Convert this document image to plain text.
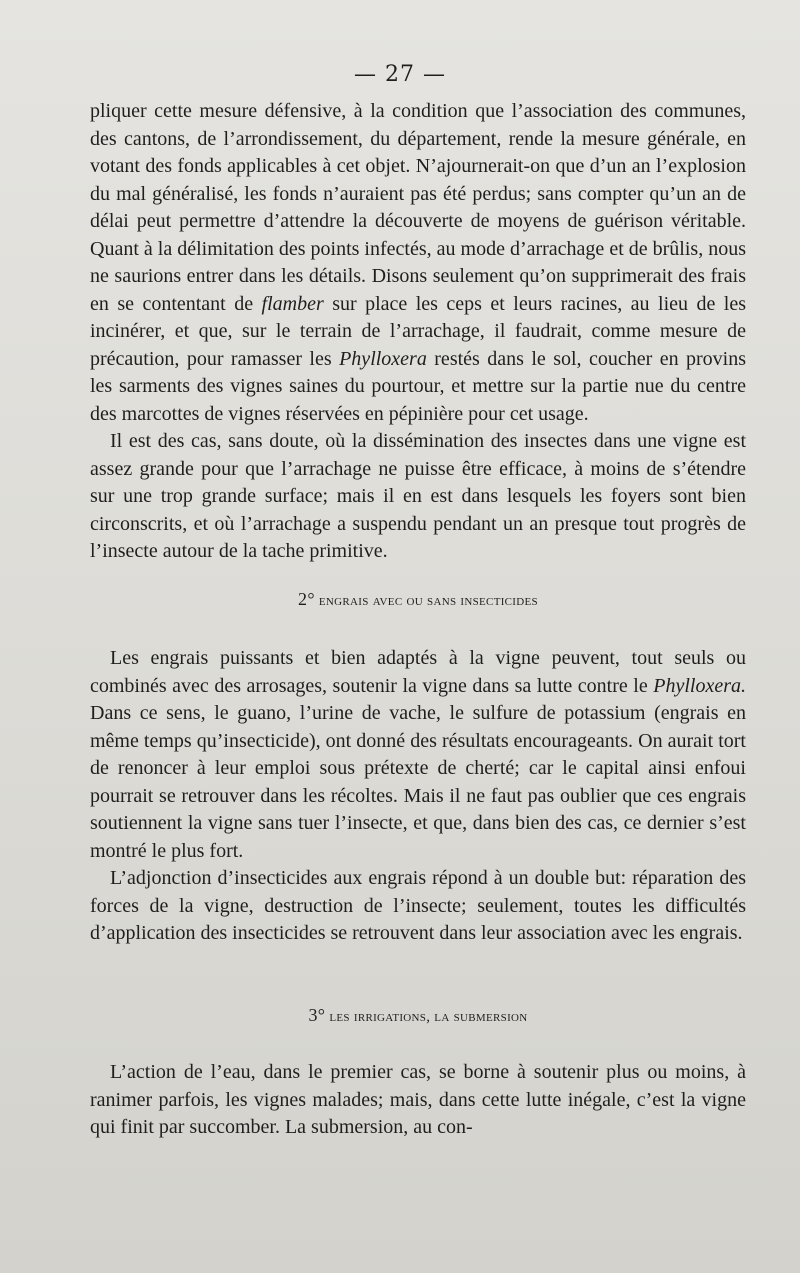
— 27 —

pliquer cette mesure défensive, à la condition que l’association des communes, des cantons, de l’arrondissement, du département, rende la mesure générale, en votant des fonds applicables à cet objet. N’ajournerait-on que d’un an l’explosion du mal généralisé, les fonds n’auraient pas été perdus; sans compter qu’un an de délai peut permettre d’attendre la découverte de moyens de guérison véritable. Quant à la délimitation des points infectés, au mode d’arrachage et de brûlis, nous ne saurions entrer dans les détails. Disons seulement qu’on supprimerait des frais en se contentant de flamber sur place les ceps et leurs racines, au lieu de les incinérer, et que, sur le terrain de l’arrachage, il faudrait, comme mesure de précaution, pour ramasser les Phylloxera restés dans le sol, coucher en provins les sarments des vignes saines du pourtour, et mettre sur la partie nue du centre des marcottes de vignes réservées en pépinière pour cet usage.

Il est des cas, sans doute, où la dissémination des insectes dans une vigne est assez grande pour que l’arrachage ne puisse être efficace, à moins de s’étendre sur une trop grande surface; mais il en est dans lesquels les foyers sont bien circonscrits, et où l’arrachage a suspendu pendant un an presque tout progrès de l’insecte autour de la tache primitive.

2° engrais avec ou sans insecticides

Les engrais puissants et bien adaptés à la vigne peuvent, tout seuls ou combinés avec des arrosages, soutenir la vigne dans sa lutte contre le Phylloxera. Dans ce sens, le guano, l’urine de vache, le sulfure de potassium (engrais en même temps qu’insecticide), ont donné des résultats encourageants. On aurait tort de renoncer à leur emploi sous prétexte de cherté; car le capital ainsi enfoui pourrait se retrouver dans les récoltes. Mais il ne faut pas oublier que ces engrais soutiennent la vigne sans tuer l’insecte, et que, dans bien des cas, ce dernier s’est montré le plus fort.

L’adjonction d’insecticides aux engrais répond à un double but: réparation des forces de la vigne, destruction de l’insecte; seulement, toutes les difficultés d’application des insecticides se retrouvent dans leur association avec les engrais.

3° les irrigations, la submersion

L’action de l’eau, dans le premier cas, se borne à soutenir plus ou moins, à ranimer parfois, les vignes malades; mais, dans cette lutte inégale, c’est la vigne qui finit par succomber. La submersion, au con-
